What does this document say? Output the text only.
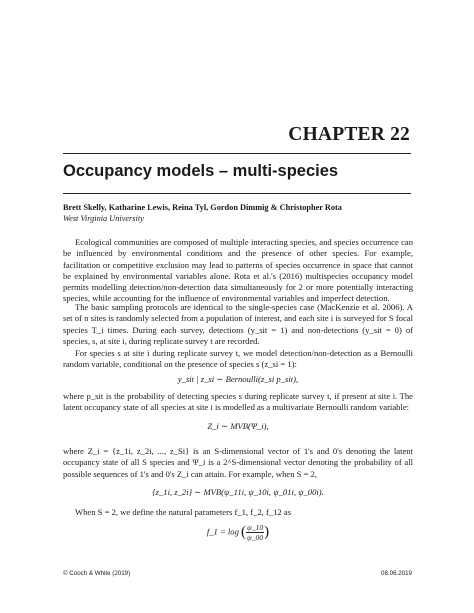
CHAPTER 22
Occupancy models – multi-species
Brett Skelly, Katharine Lewis, Reina Tyl, Gordon Dimmig & Christopher Rota
West Virginia University
Ecological communities are composed of multiple interacting species, and species occurrence can be influenced by environmental conditions and the presence of other species. For example, facilitation or competitive exclusion may lead to patterns of species occurrence in space that cannot be explained by environmental variables alone. Rota et al.'s (2016) multispecies occupancy model permits modelling detection/non-detection data simultaneously for 2 or more potentially interacting species, while accounting for the influence of environmental variables and imperfect detection.
The basic sampling protocols are identical to the single-species case (MacKenzie et al. 2006). A set of n sites is randomly selected from a population of interest, and each site i is surveyed for S focal species T_i times. During each survey, detections (y_sit = 1) and non-detections (y_sit = 0) of species, s, at site i, during replicate survey t are recorded.
For species s at site i during replicate survey t, we model detection/non-detection as a Bernoulli random variable, conditional on the presence of species s (z_si = 1):
y_sit | z_si ∼ Bernoulli(z_si p_sit),
where p_sit is the probability of detecting species s during replicate survey t, if present at site i. The latent occupancy state of all species at site i is modelled as a multivariate Bernoulli random variable:
Z_i ∼ MVB(Ψ_i),
where Z_i = {z_1i, z_2i, ..., z_Si} is an S-dimensional vector of 1's and 0's denoting the latent occupancy state of all S species and Ψ_i is a 2^S-dimensional vector denoting the probability of all possible sequences of 1's and 0's Z_i can attain. For example, when S = 2,
{z_1i, z_2i} ∼ MVB(ψ_11i, ψ_10i, ψ_01i, ψ_00i).
When S = 2, we define the natural parameters f_1, f_2, f_12 as
f_1 = log ( $\frac{\psi\_10}{\psi\_00}$ )
© Cooch & White (2019)	08.06.2019
